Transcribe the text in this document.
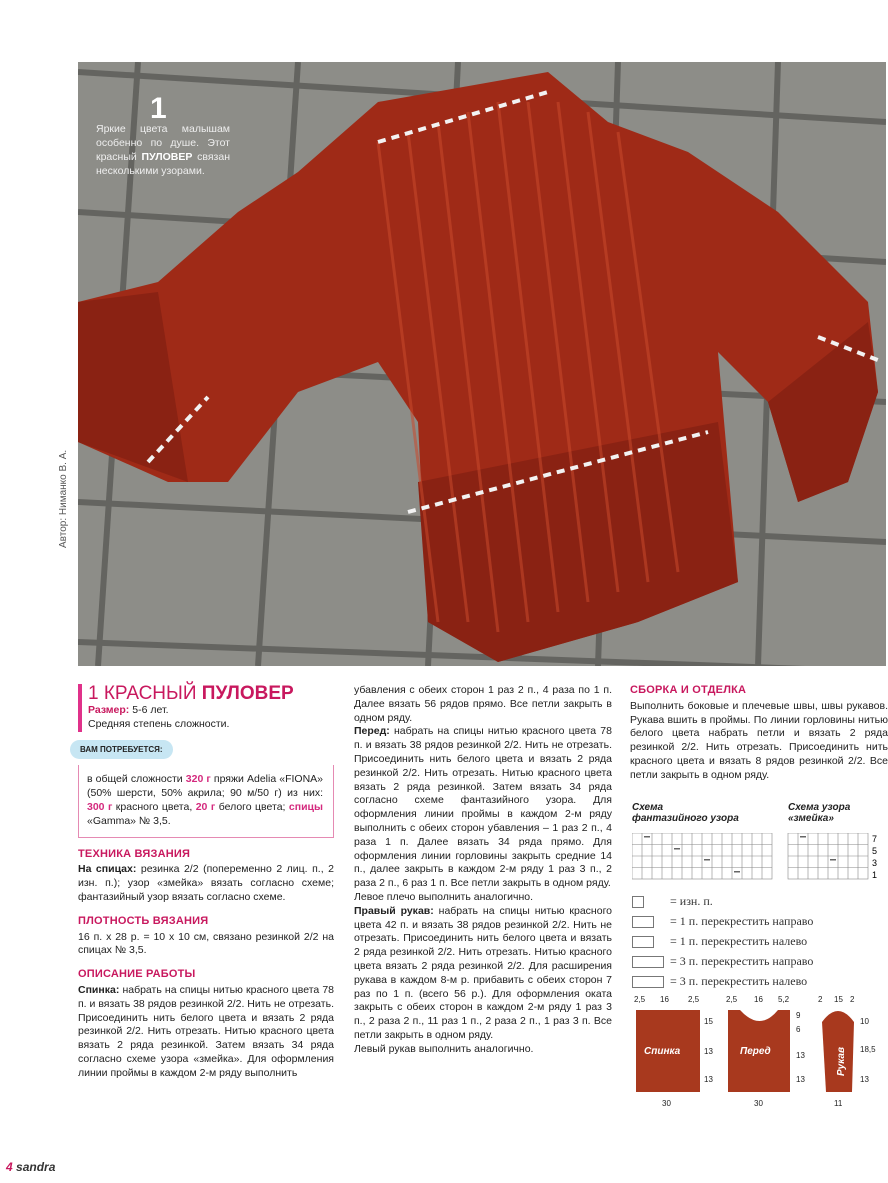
1
Яркие цвета малышам особенно по душе. Этот красный ПУЛОВЕР связан несколькими узорами.
Автор: Ниманко В. А.
1 КРАСНЫЙ ПУЛОВЕР

Размер: 5-6 лет.

Средняя степень сложности.

ВАМ ПОТРЕБУЕТСЯ:

в общей сложности 320 г пряжи Adelia «FIONA» (50% шерсти, 50% акрила; 90 м/50 г) из них: 300 г красного цвета, 20 г белого цвета; спицы «Gamma» № 3,5.

ТЕХНИКА ВЯЗАНИЯ

На спицах: резинка 2/2 (попеременно 2 лиц. п., 2 изн. п.); узор «змейка» вязать согласно схеме; фантазийный узор вязать согласно схеме.

ПЛОТНОСТЬ ВЯЗАНИЯ

16 п. x 28 р. = 10 x 10 см, связано резинкой 2/2 на спицах № 3,5.

ОПИСАНИЕ РАБОТЫ

Спинка: набрать на спицы нитью красного цвета 78 п. и вязать 38 рядов резинкой 2/2. Нить не отрезать. Присоединить нить белого цвета и вязать 2 ряда резинкой 2/2. Нить отрезать. Нитью красного цвета вязать 2 ряда резинкой. Затем вязать 34 ряда согласно схеме узора «змейка». Для оформления линии проймы в каждом 2-м ряду выполнить

убавления с обеих сторон 1 раз 2 п., 4 раза по 1 п. Далее вязать 56 рядов прямо. Все петли закрыть в одном ряду.

Перед: набрать на спицы нитью красного цвета 78 п. и вязать 38 рядов резинкой 2/2. Нить не отрезать. Присоединить нить белого цвета и вязать 2 ряда резинкой 2/2. Нить отрезать. Нитью красного цвета вязать 2 ряда резинкой. Затем вязать 34 ряда согласно схеме фантазийного узора. Для оформления линии проймы в каждом 2-м ряду выполнить с обеих сторон убавления – 1 раз 2 п., 4 раза 1 п. Далее вязать 34 ряда прямо. Для оформления линии горловины закрыть средние 14 п., далее закрыть в каждом 2-м ряду 1 раз 3 п., 2 раза 2 п., 6 раз 1 п. Все петли закрыть в одном ряду.

Левое плечо выполнить аналогично.

Правый рукав: набрать на спицы нитью красного цвета 42 п. и вязать 38 рядов резинкой 2/2. Нить не отрезать. Присоединить нить белого цвета и вязать 2 ряда резинкой 2/2. Нить отрезать. Нитью красного цвета вязать 2 ряда резинкой 2/2. Для расширения рукава в каждом 8-м р. прибавить с обеих сторон 7 раз по 1 п. (всего 56 р.). Для оформления оката закрыть с обеих сторон в каждом 2-м ряду 1 раз 3 п., 2 раза 2 п., 11 раз 1 п., 2 раза 2 п., 1 раз 3 п. Все петли закрыть в одном ряду.

Левый рукав выполнить аналогично.

СБОРКА И ОТДЕЛКА

Выполнить боковые и плечевые швы, швы рукавов. Рукава вшить в проймы. По линии горловины нитью белого цвета набрать петли и вязать 2 ряда резинкой 2/2. Нить отрезать. Присоединить нить красного цвета и вязать 8 рядов резинкой 2/2. Все петли закрыть в одном ряду.

Схема
фантазийного узора
Схема узора
«змейка»
7
5
3
1
= изн. п.
= 1 п. перекрестить направо
= 1 п. перекрестить налево
= 3 п. перекрестить направо
= 3 п. перекрестить налево
2,5 16 2,5	2,5 16 5,2	2 15 2
30	30	11
15
13
13
9
6
13
13
10
18,5
13
Спинка	Перед	Рукав
4 sandra
